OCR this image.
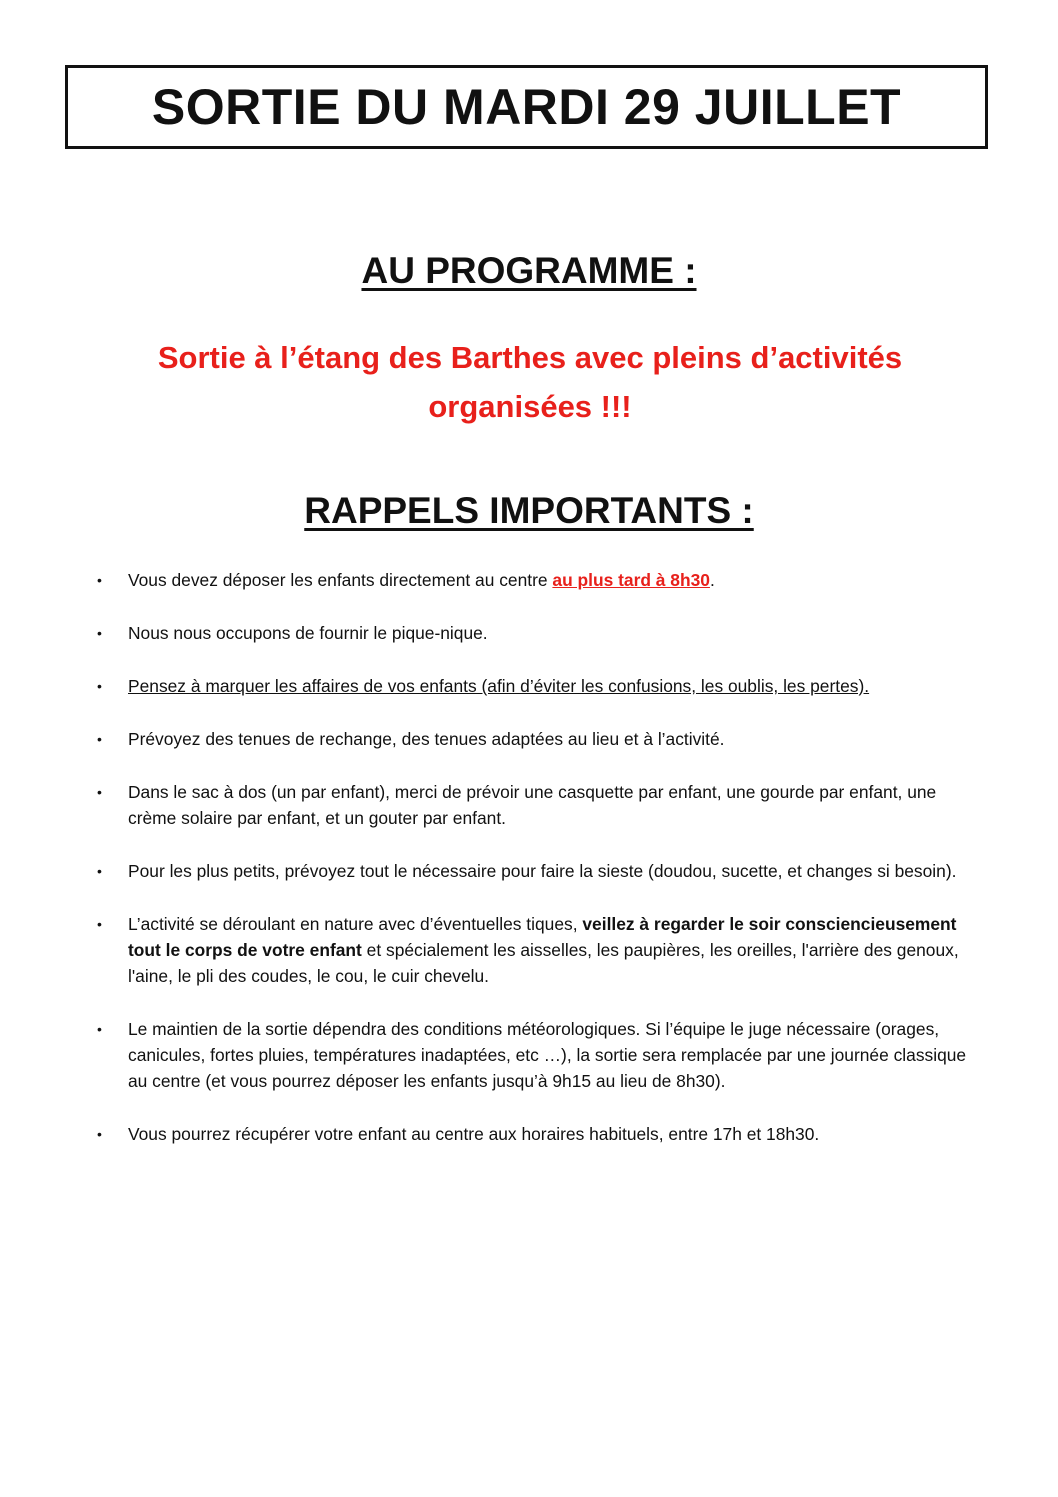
SORTIE DU MARDI 29 JUILLET
AU PROGRAMME :

Sortie à l’étang des Barthes avec pleins d’activités
organisées !!!

RAPPELS IMPORTANTS :
• Vous devez déposer les enfants directement au centre au plus tard à 8h30.
• Nous nous occupons de fournir le pique-nique.
• Pensez à marquer les affaires de vos enfants (afin d’éviter les confusions, les oublis, les pertes).
• Prévoyez des tenues de rechange, des tenues adaptées au lieu et à l’activité.
• Dans le sac à dos (un par enfant), merci de prévoir une casquette par enfant, une gourde par enfant, une crème solaire par enfant, et un gouter par enfant.
• Pour les plus petits, prévoyez tout le nécessaire pour faire la sieste (doudou, sucette, et changes si besoin).
• L’activité se déroulant en nature avec d’éventuelles tiques, veillez à regarder le soir consciencieusement tout le corps de votre enfant et spécialement les aisselles, les paupières, les oreilles, l'arrière des genoux, l'aine, le pli des coudes, le cou, le cuir chevelu.
• Le maintien de la sortie dépendra des conditions météorologiques. Si l’équipe le juge nécessaire (orages, canicules, fortes pluies, températures inadaptées, etc …), la sortie sera remplacée par une journée classique au centre (et vous pourrez déposer les enfants jusqu’à 9h15 au lieu de 8h30).
• Vous pourrez récupérer votre enfant au centre aux horaires habituels, entre 17h et 18h30.
